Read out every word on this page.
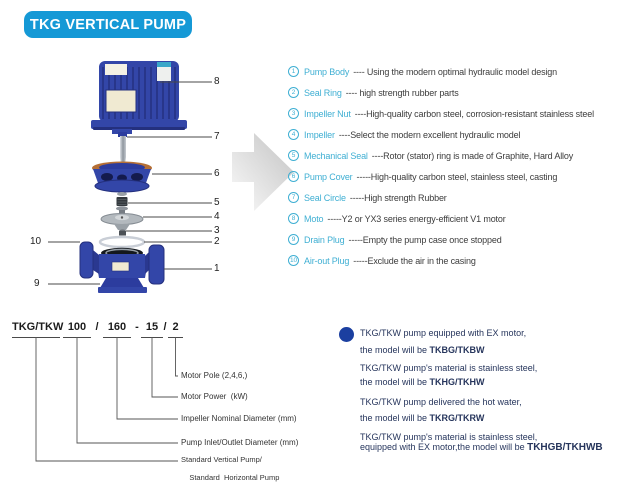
TKG VERTICAL PUMP
8
7
6
5
4
3
2
1
10
9
1 Pump Body ---- Using the modern optimal hydraulic model design
2 Seal Ring ---- high strength rubber parts
3 Impeller Nut ----High-quality carbon steel, corrosion-resistant stainless steel
4 Impeller ----Select the modern excellent hydraulic model
5 Mechanical Seal ----Rotor (stator) ring is made of Graphite, Hard Alloy
6 Pump Cover -----High-quality carbon steel, stainless steel, casting
7 Seal Circle -----High strength Rubber
8 Moto -----Y2 or YX3 series energy-efficient V1 motor
9 Drain Plug -----Empty the pump case once stopped
10 Air-out Plug -----Exclude the air in the casing
TKG/TKW 100 / 160 - 15 / 2
Motor Pole (2,4,6,)
Motor Power  (kW)
Impeller Nominal Diameter (mm)
Pump Inlet/Outlet Diameter (mm)
Standard Vertical Pump/

Standard  Horizontal Pump
TKG/TKW pump equipped with EX motor,
the model will be TKBG/TKBW
TKG/TKW pump's material is stainless steel,
the model will be TKHG/TKHW
TKG/TKW pump delivered the hot water,
the model will be TKRG/TKRW
TKG/TKW pump's material is stainless steel,
equipped with EX motor,the model will be TKHGB/TKHWB
